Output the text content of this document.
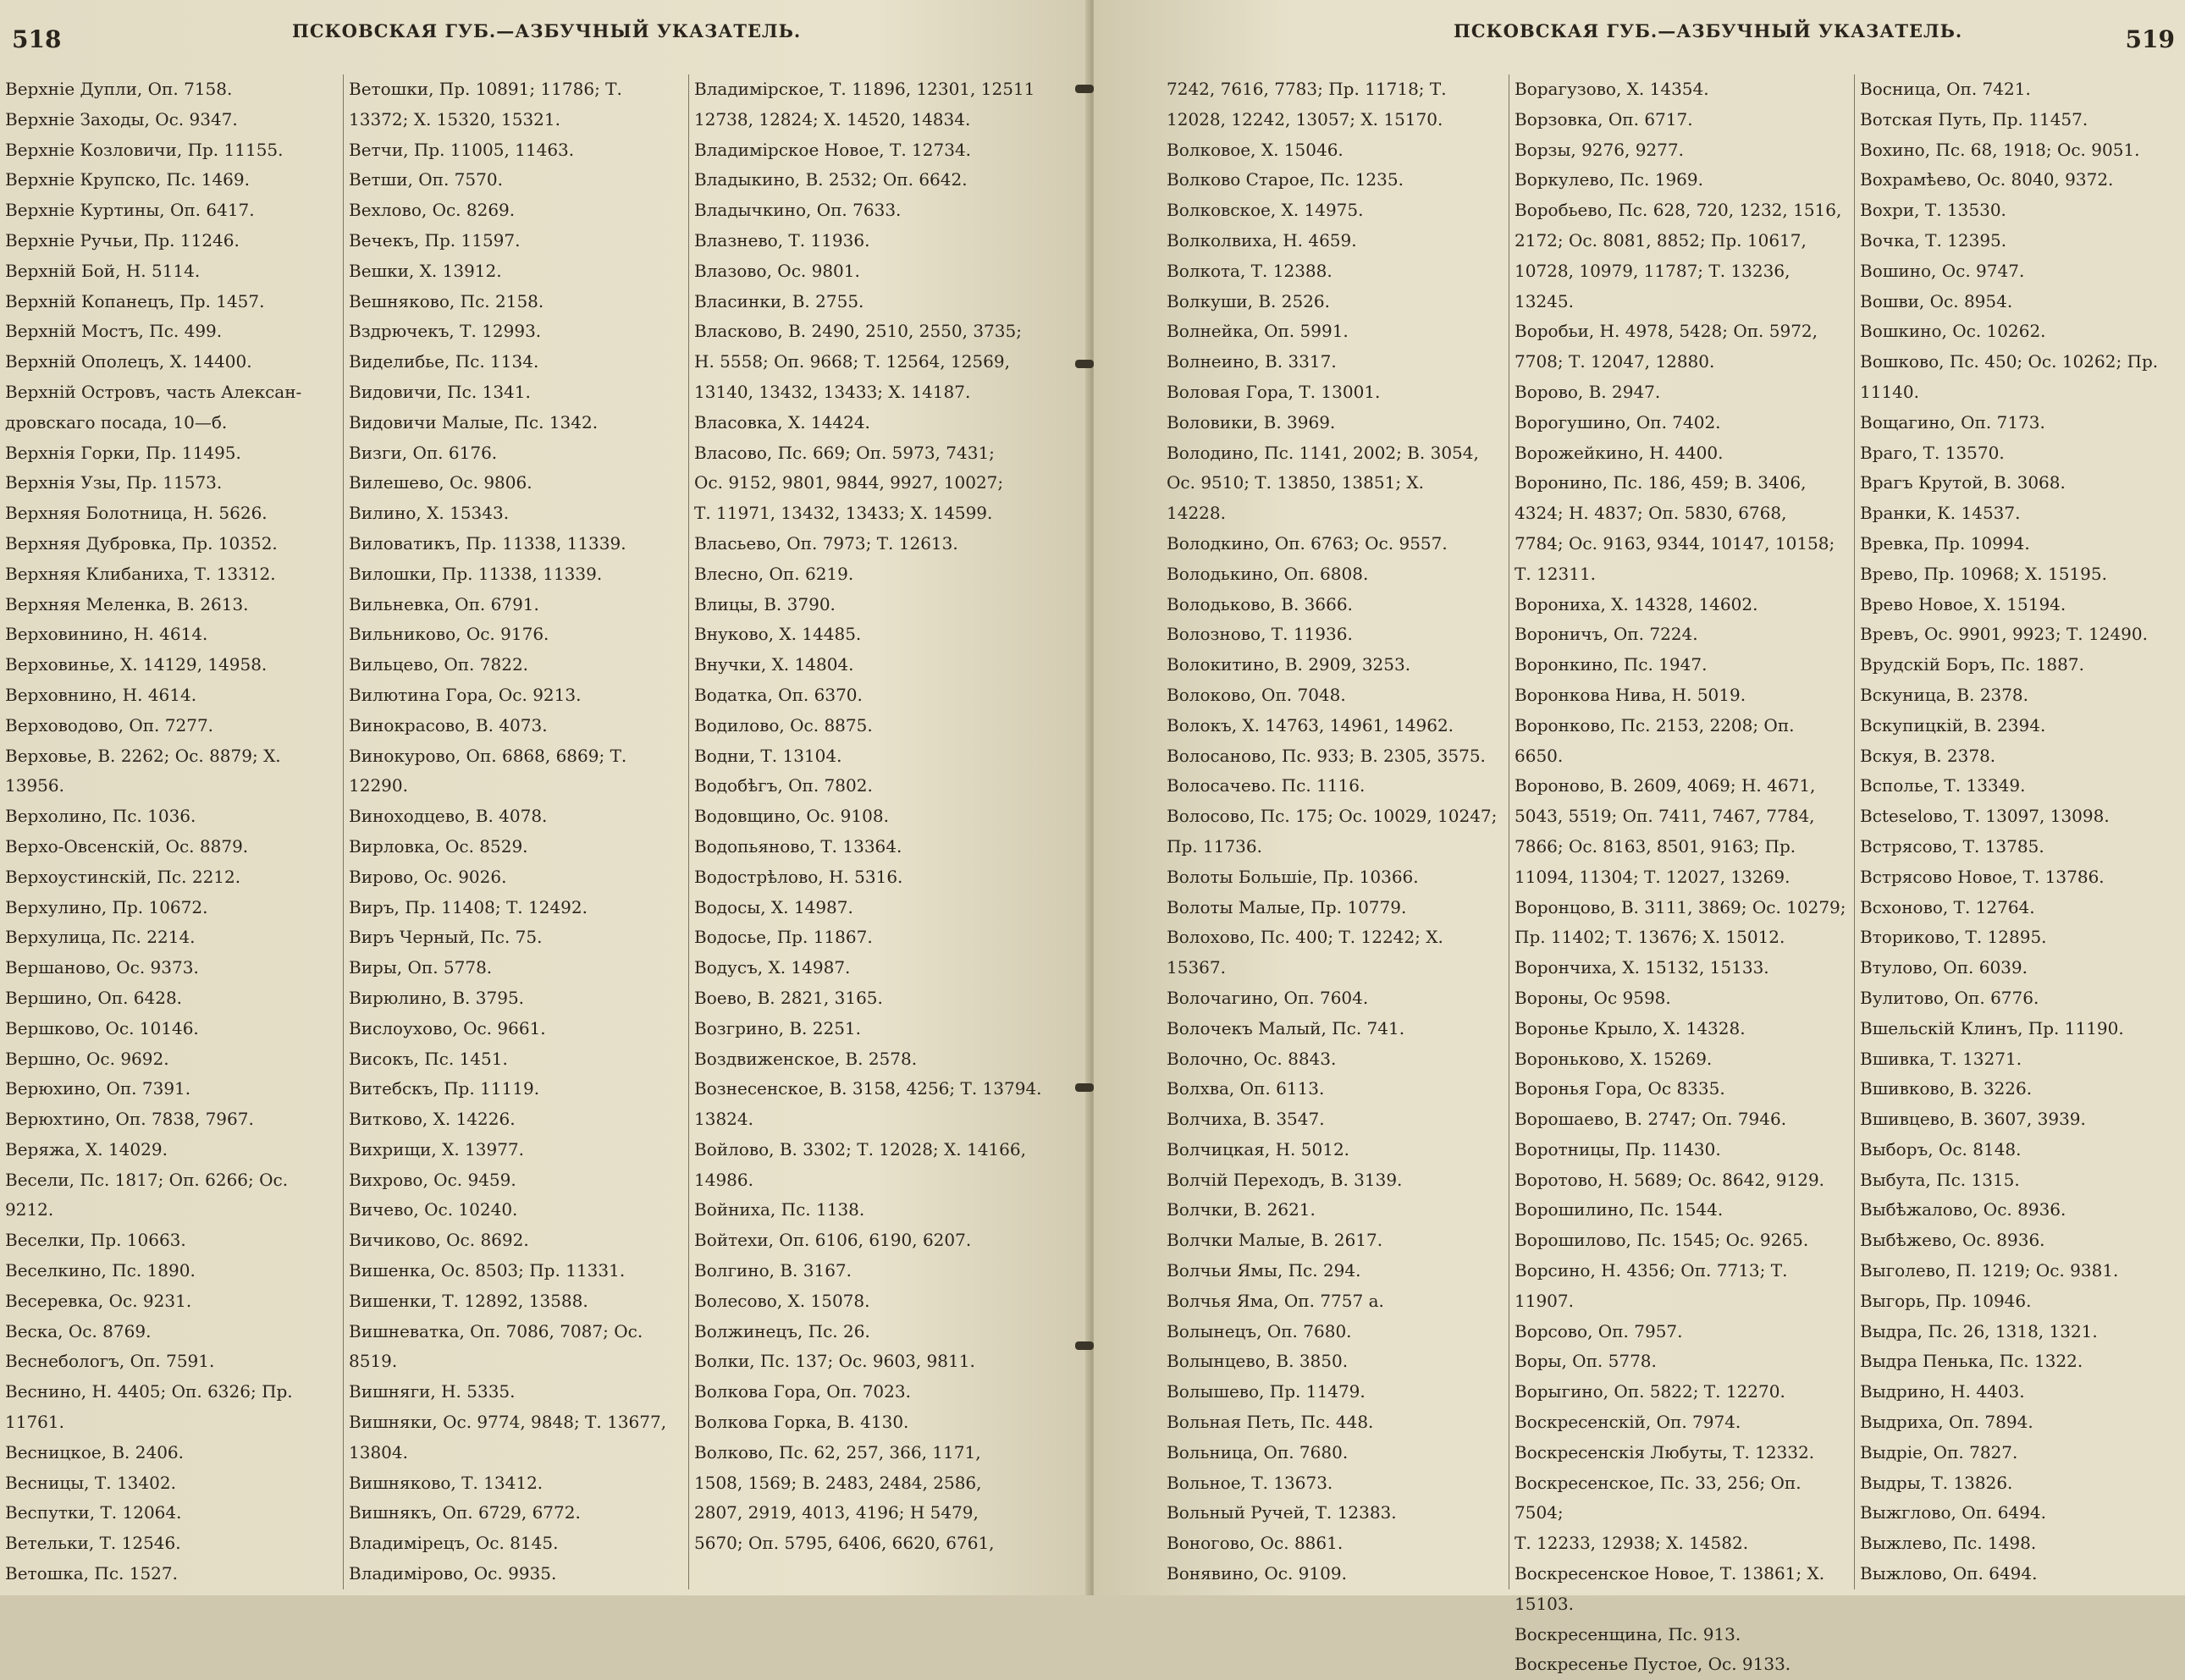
518	ПСКОВСКАЯ ГУБ.—АЗБУЧНЫЙ УКАЗАТЕЛЬ.
Верхніе Дупли, Оп. 7158.
Верхніе Заходы, Ос. 9347.
Верхніе Козловичи, Пр. 11155.
Верхніе Крупско, Пс. 1469.
Верхніе Куртины, Оп. 6417.
Верхніе Ручьи, Пр. 11246.
Верхній Бой, Н. 5114.
Верхній Копанецъ, Пр. 1457.
Верхній Мостъ, Пс. 499.
Верхній Ополецъ, Х. 14400.
Верхній Островъ, часть Алексан-
дровскаго посада, 10—б.
Верхнія Горки, Пр. 11495.
Верхнія Узы, Пр. 11573.
Верхняя Болотница, Н. 5626.
Верхняя Дубровка, Пр. 10352.
Верхняя Клибаниха, Т. 13312.
Верхняя Меленка, В. 2613.
Верховинино, Н. 4614.
Верховинье, Х. 14129, 14958.
Верховнино, Н. 4614.
Верховодово, Оп. 7277.
Верховье, В. 2262; Ос. 8879; Х.
13956.
Верхолино, Пс. 1036.
Верхо-Овсенскій, Ос. 8879.
Верхоустинскій, Пс. 2212.
Верхулино, Пр. 10672.
Верхулица, Пс. 2214.
Вершаново, Ос. 9373.
Вершино, Оп. 6428.
Вершково, Ос. 10146.
Вершно, Ос. 9692.
Верюхино, Оп. 7391.
Верюхтино, Оп. 7838, 7967.
Веряжа, Х. 14029.
Весели, Пс. 1817; Оп. 6266; Ос.
9212.
Веселки, Пр. 10663.
Веселкино, Пс. 1890.
Весеревка, Ос. 9231.
Веска, Ос. 8769.
Веснебологъ, Оп. 7591.
Веснино, Н. 4405; Оп. 6326; Пр.
11761.
Весницкое, В. 2406.
Весницы, Т. 13402.
Веспутки, Т. 12064.
Ветельки, Т. 12546.
Ветошка, Пс. 1527.
Ветошки, Пр. 10891; 11786; Т.
13372; Х. 15320, 15321.
Ветчи, Пр. 11005, 11463.
Ветши, Оп. 7570.
Вехлово, Ос. 8269.
Вечекъ, Пр. 11597.
Вешки, Х. 13912.
Вешняково, Пс. 2158.
Вздрючекъ, Т. 12993.
Виделибье, Пс. 1134.
Видовичи, Пс. 1341.
Видовичи Малые, Пс. 1342.
Визги, Оп. 6176.
Вилешево, Ос. 9806.
Вилино, Х. 15343.
Виловатикъ, Пр. 11338, 11339.
Вилошки, Пр. 11338, 11339.
Вильневка, Оп. 6791.
Вильниково, Ос. 9176.
Вильцево, Оп. 7822.
Вилютина Гора, Ос. 9213.
Винокрасово, В. 4073.
Винокурово, Оп. 6868, 6869; Т.
12290.
Виноходцево, В. 4078.
Вирловка, Ос. 8529.
Вирово, Ос. 9026.
Виръ, Пр. 11408; Т. 12492.
Виръ Черный, Пс. 75.
Виры, Оп. 5778.
Вирюлино, В. 3795.
Вислоухово, Ос. 9661.
Високъ, Пс. 1451.
Витебскъ, Пр. 11119.
Витково, Х. 14226.
Вихрищи, Х. 13977.
Вихрово, Ос. 9459.
Вичево, Ос. 10240.
Вичиково, Ос. 8692.
Вишенка, Ос. 8503; Пр. 11331.
Вишенки, Т. 12892, 13588.
Вишневатка, Оп. 7086, 7087; Ос.
8519.
Вишняги, Н. 5335.
Вишняки, Ос. 9774, 9848; Т. 13677,
13804.
Вишняково, Т. 13412.
Вишнякъ, Оп. 6729, 6772.
Владимірецъ, Ос. 8145.
Владимірово, Ос. 9935.
Владимірское, Т. 11896, 12301, 12511
12738, 12824; Х. 14520, 14834.
Владимірское Новое, Т. 12734.
Владыкино, В. 2532; Оп. 6642.
Владычкино, Оп. 7633.
Влазнево, Т. 11936.
Влазово, Ос. 9801.
Власинки, В. 2755.
Власково, В. 2490, 2510, 2550, 3735;
Н. 5558; Оп. 9668; Т. 12564, 12569,
13140, 13432, 13433; Х. 14187.
Власовка, Х. 14424.
Власово, Пс. 669; Оп. 5973, 7431;
Ос. 9152, 9801, 9844, 9927, 10027;
Т. 11971, 13432, 13433; Х. 14599.
Власьево, Оп. 7973; Т. 12613.
Влесно, Оп. 6219.
Влицы, В. 3790.
Внуково, Х. 14485.
Внучки, Х. 14804.
Водатка, Оп. 6370.
Водилово, Ос. 8875.
Водни, Т. 13104.
Водобѣгъ, Оп. 7802.
Водовщино, Ос. 9108.
Водопьяново, Т. 13364.
Водострѣлово, Н. 5316.
Водосы, Х. 14987.
Водосье, Пр. 11867.
Водусъ, Х. 14987.
Воево, В. 2821, 3165.
Возгрино, В. 2251.
Воздвиженское, В. 2578.
Вознесенское, В. 3158, 4256; Т. 13794.
13824.
Войлово, В. 3302; Т. 12028; Х. 14166,
14986.
Войниха, Пс. 1138.
Войтехи, Оп. 6106, 6190, 6207.
Волгино, В. 3167.
Волесово, Х. 15078.
Волжинецъ, Пс. 26.
Волки, Пс. 137; Ос. 9603, 9811.
Волкова Гора, Оп. 7023.
Волкова Горка, В. 4130.
Волково, Пс. 62, 257, 366, 1171,
1508, 1569; В. 2483, 2484, 2586,
2807, 2919, 4013, 4196; Н 5479,
5670; Оп. 5795, 6406, 6620, 6761,
519
ПСКОВСКАЯ ГУБ.—АЗБУЧНЫЙ УКАЗАТЕЛЬ.
7242, 7616, 7783; Пр. 11718; Т.
12028, 12242, 13057; Х. 15170.
Волковое, Х. 15046.
Волково Старое, Пс. 1235.
Волковское, Х. 14975.
Волколвиха, Н. 4659.
Волкота, Т. 12388.
Волкуши, В. 2526.
Волнейка, Оп. 5991.
Волнеино, В. 3317.
Воловая Гора, Т. 13001.
Воловики, В. 3969.
Володино, Пс. 1141, 2002; В. 3054,
Ос. 9510; Т. 13850, 13851; Х.
14228.
Володкино, Оп. 6763; Ос. 9557.
Володькино, Оп. 6808.
Володьково, В. 3666.
Волозново, Т. 11936.
Волокитино, В. 2909, 3253.
Волоково, Оп. 7048.
Волокъ, Х. 14763, 14961, 14962.
Волосаново, Пс. 933; В. 2305, 3575.
Волосачево. Пс. 1116.
Волосово, Пс. 175; Ос. 10029, 10247;
Пр. 11736.
Волоты Большіе, Пр. 10366.
Волоты Малые, Пр. 10779.
Волохово, Пс. 400; Т. 12242; Х.
15367.
Волочагино, Оп. 7604.
Волочекъ Малый, Пс. 741.
Волочно, Ос. 8843.
Волхва, Оп. 6113.
Волчиха, В. 3547.
Волчицкая, Н. 5012.
Волчій Переходъ, В. 3139.
Волчки, В. 2621.
Волчки Малые, В. 2617.
Волчьи Ямы, Пс. 294.
Волчья Яма, Оп. 7757 а.
Волынецъ, Оп. 7680.
Волынцево, В. 3850.
Волышево, Пр. 11479.
Вольная Петь, Пс. 448.
Вольница, Оп. 7680.
Вольное, Т. 13673.
Вольный Ручей, Т. 12383.
Воногово, Ос. 8861.
Вонявино, Ос. 9109.
Ворагузово, Х. 14354.
Ворзовка, Оп. 6717.
Ворзы, 9276, 9277.
Воркулево, Пс. 1969.
Воробьево, Пс. 628, 720, 1232, 1516,
2172; Ос. 8081, 8852; Пр. 10617,
10728, 10979, 11787; Т. 13236,
13245.
Воробьи, Н. 4978, 5428; Оп. 5972,
7708; Т. 12047, 12880.
Ворово, В. 2947.
Ворогушино, Оп. 7402.
Ворожейкино, Н. 4400.
Воронино, Пс. 186, 459; В. 3406,
4324; Н. 4837; Оп. 5830, 6768,
7784; Ос. 9163, 9344, 10147, 10158;
Т. 12311.
Ворониха, Х. 14328, 14602.
Вороничъ, Оп. 7224.
Воронкино, Пс. 1947.
Воронкова Нива, Н. 5019.
Воронково, Пс. 2153, 2208; Оп. 6650.
Вороново, В. 2609, 4069; Н. 4671,
5043, 5519; Оп. 7411, 7467, 7784,
7866; Ос. 8163, 8501, 9163; Пр.
11094, 11304; Т. 12027, 13269.
Воронцово, В. 3111, 3869; Ос. 10279;
Пр. 11402; Т. 13676; Х. 15012.
Ворончиха, Х. 15132, 15133.
Вороны, Ос 9598.
Воронье Крыло, Х. 14328.
Вороньково, Х. 15269.
Воронья Гора, Ос 8335.
Ворошаево, В. 2747; Оп. 7946.
Воротницы, Пр. 11430.
Воротово, Н. 5689; Ос. 8642, 9129.
Ворошилино, Пс. 1544.
Ворошилово, Пс. 1545; Ос. 9265.
Ворсино, Н. 4356; Оп. 7713; Т. 11907.
Ворсово, Оп. 7957.
Воры, Оп. 5778.
Ворыгино, Оп. 5822; Т. 12270.
Воскресенскій, Оп. 7974.
Воскресенскія Любуты, Т. 12332.
Воскресенское, Пс. 33, 256; Оп. 7504;
Т. 12233, 12938; Х. 14582.
Воскресенское Новое, Т. 13861; Х.
15103.
Воскресенщина, Пс. 913.
Воскресенье Пустое, Ос. 9133.
Восница, Оп. 7421.
Вотская Путь, Пр. 11457.
Вохино, Пс. 68, 1918; Ос. 9051.
Вохрамѣево, Ос. 8040, 9372.
Вохри, Т. 13530.
Вочка, Т. 12395.
Вошино, Ос. 9747.
Вошви, Ос. 8954.
Вошкино, Ос. 10262.
Вошково, Пс. 450; Ос. 10262; Пр.
11140.
Вощагино, Оп. 7173.
Враго, Т. 13570.
Врагъ Крутой, В. 3068.
Вранки, К. 14537.
Вревка, Пр. 10994.
Врево, Пр. 10968; Х. 15195.
Врево Новое, Х. 15194.
Вревъ, Ос. 9901, 9923; Т. 12490.
Врудскій Боръ, Пс. 1887.
Вскуница, В. 2378.
Вскупицкій, В. 2394.
Вскуя, В. 2378.
Всполье, Т. 13349.
Всteselово, Т. 13097, 13098.
Встрясово, Т. 13785.
Встрясово Новое, Т. 13786.
Всхоново, Т. 12764.
Вториково, Т. 12895.
Втулово, Оп. 6039.
Вулитово, Оп. 6776.
Вшельскій Клинъ, Пр. 11190.
Вшивка, Т. 13271.
Вшивково, В. 3226.
Вшивцево, В. 3607, 3939.
Выборъ, Ос. 8148.
Выбута, Пс. 1315.
Выбѣжалово, Ос. 8936.
Выбѣжево, Ос. 8936.
Выголево, П. 1219; Ос. 9381.
Выгорь, Пр. 10946.
Выдра, Пс. 26, 1318, 1321.
Выдра Пенька, Пс. 1322.
Выдрино, Н. 4403.
Выдриха, Оп. 7894.
Выдріе, Оп. 7827.
Выдры, Т. 13826.
Выжглово, Оп. 6494.
Выжлево, Пс. 1498.
Выжлово, Оп. 6494.
